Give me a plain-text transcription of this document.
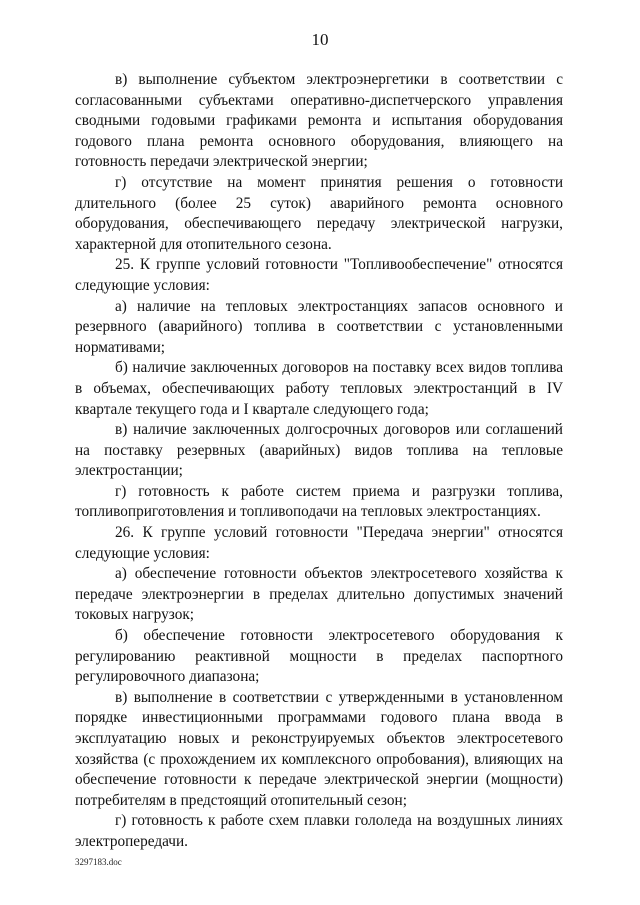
10

в) выполнение субъектом электроэнергетики в соответствии с согласованными субъектами оперативно-диспетчерского управления сводными годовыми графиками ремонта и испытания оборудования годового плана ремонта основного оборудования, влияющего на готовность передачи электрической энергии;

г) отсутствие на момент принятия решения о готовности длительного (более 25 суток) аварийного ремонта основного оборудования, обеспечивающего передачу электрической нагрузки, характерной для отопительного сезона.

25. К группе условий готовности "Топливообеспечение" относятся следующие условия:

а) наличие на тепловых электростанциях запасов основного и резервного (аварийного) топлива в соответствии с установленными нормативами;

б) наличие заключенных договоров на поставку всех видов топлива в объемах, обеспечивающих работу тепловых электростанций в IV квартале текущего года и I квартале следующего года;

в) наличие заключенных долгосрочных договоров или соглашений на поставку резервных (аварийных) видов топлива на тепловые электростанции;

г) готовность к работе систем приема и разгрузки топлива, топливоприготовления и топливоподачи на тепловых электростанциях.

26. К группе условий готовности "Передача энергии" относятся следующие условия:

а) обеспечение готовности объектов электросетевого хозяйства к передаче электроэнергии в пределах длительно допустимых значений токовых нагрузок;

б) обеспечение готовности электросетевого оборудования к регулированию реактивной мощности в пределах паспортного регулировочного диапазона;

в) выполнение в соответствии с утвержденными в установленном порядке инвестиционными программами годового плана ввода в эксплуатацию новых и реконструируемых объектов электросетевого хозяйства (с прохождением их комплексного опробования), влияющих на обеспечение готовности к передаче электрической энергии (мощности) потребителям в предстоящий отопительный сезон;

г) готовность к работе схем плавки гололеда на воздушных линиях электропередачи.

3297183.doc
